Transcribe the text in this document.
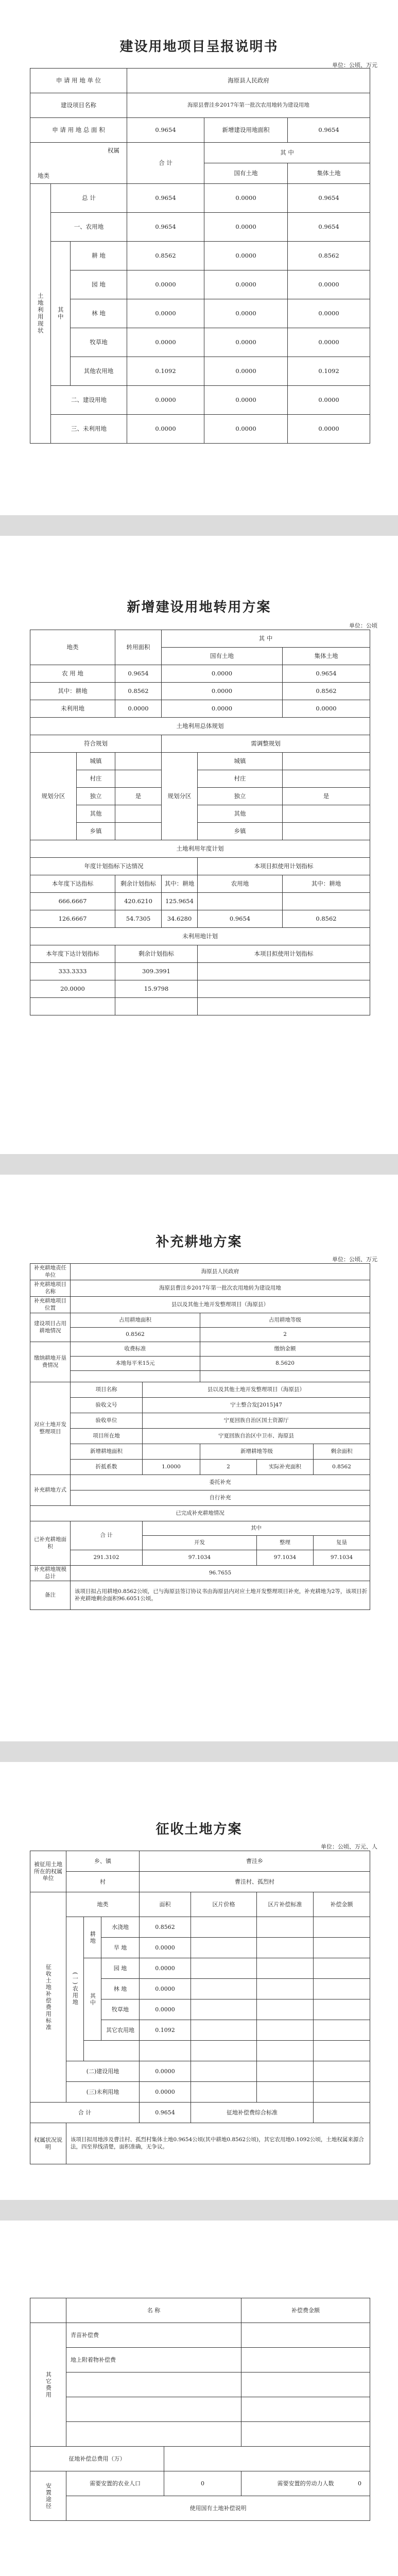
建设用地项目呈报说明书
单位：公顷、万元
申 请 用 地 单 位			海原县人民政府		
建设项目名称			海原县曹洼乡2017年第一批次农用地转为建设用地		
申 请 用 地 总 面 积			0.9654	新增建设用地面积	0.9654

权属
地类			合 计	其 中	
				国有土地	集体土地
土地利用现状	总 计		0.9654	0.0000	0.9654
	一、农用地		0.9654	0.0000	0.9654
	其中	耕 地	0.8562	0.0000	0.8562
		园 地	0.0000	0.0000	0.0000
		林 地	0.0000	0.0000	0.0000
		牧草地	0.0000	0.0000	0.0000
		其他农用地	0.1092	0.0000	0.1092
	二、建设用地		0.0000	0.0000	0.0000
	三、未利用地		0.0000	0.0000	0.0000
新增建设用地转用方案
单位：公顷
地类		转用面积	其 中		
			国有土地		集体土地
农 用 地		0.9654	0.0000		0.9654
其中：耕地		0.8562	0.0000		0.8562
未利用地		0.0000	0.0000		0.0000
土地利用总体规划					
符合规划			需调整规划		
规划分区	城镇		规划分区	城镇	
	村庄			村庄	
	独立	是		独立	是
	其他			其他	
	乡镇			乡镇	
土地利用年度计划					
年度计划指标下达情况				本项目拟使用计划指标	
本年度下达指标		剩余计划指标	其中：耕地	农用地	其中：耕地
666.6667		420.6210	125.9654		
126.6667		54.7305	34.6280	0.9654	0.8562
未利用地计划					
本年度下达计划指标		剩余计划指标		本项目拟使用计划指标	
333.3333		309.3991			
20.0000		15.9798			

补充耕地方案
单位：公顷、万元
补充耕地责任单位	海原县人民政府				
补充耕地项目名称	海原县曹洼乡2017年第一批次农用地转为建设用地				
补充耕地项目位置	县以及其他土地开发整理项目（海原县）				
建设项目占用耕地情况	占用耕地面积		占用耕地等级		
	0.8562		2		
缴纳耕地开垦费情况	收费标准		缴纳金额		
	本地每平米15元		8.5620		

对应土地开发整理项目	项目名称	县以及其他土地开发整理项目（海原县）			
	验收文号	宁土整合发[2015]47			
	验收单位	宁夏回族自治区国土资源厅			
	项目所在地	宁夏回族自治区中卫市、海原县			
	新增耕地面积		新增耕地等级		剩余面积
	折抵系数	1.0000	2	实际补充面积	0.8562
补充耕地方式	委托补充				
	自行补充				
已完成补充耕地情况					
已补充耕地面积	合 计	其中			
		开发		整理	复垦
	291.3102	97.1034		97.1034	97.1034
补充耕地规模总计	96.7655				
备注	该项目拟占用耕地0.8562公顷，已与海原县签订协议书由海原县内对应土地开发整理项目补充，补充耕地为2等，该项目折补充耕地剩余面积96.6051公顷。				
征收土地方案
单位：公顷、万元、人
被征用土地所在的权属单位	乡、镇			曹洼乡			
	村			曹洼村、孤烈村			
征收土地补偿费用标准	地类			面积	区片价格	区片补偿标准	补偿金额
	(一)农用地	耕地	水浇地	0.8562			
			旱 地	0.0000			
		其中	园 地	0.0000			
			林 地	0.0000			
			牧草地	0.0000			
			其它农用地	0.1092			

	(二)建设用地			0.0000			
	(三)未利用地			0.0000			
合 计				0.9654	征地补偿费综合标准		
权属状况说明	该项目拟用地涉及曹洼村、孤烈村集体土地0.9654公顷(其中耕地0.8562公顷)，其它农用地0.1092公顷，土地权属来源合法，四至界线清楚，面积准确，无争议。						
	名 称		补偿费金额
其它费用	青苗补偿费		
	地上附着物补偿费		

征地补偿总费用（万）			
安置途径	需要安置的农业人口	0	需要安置的劳动力人数 0

	使用国有土地补偿说明		
